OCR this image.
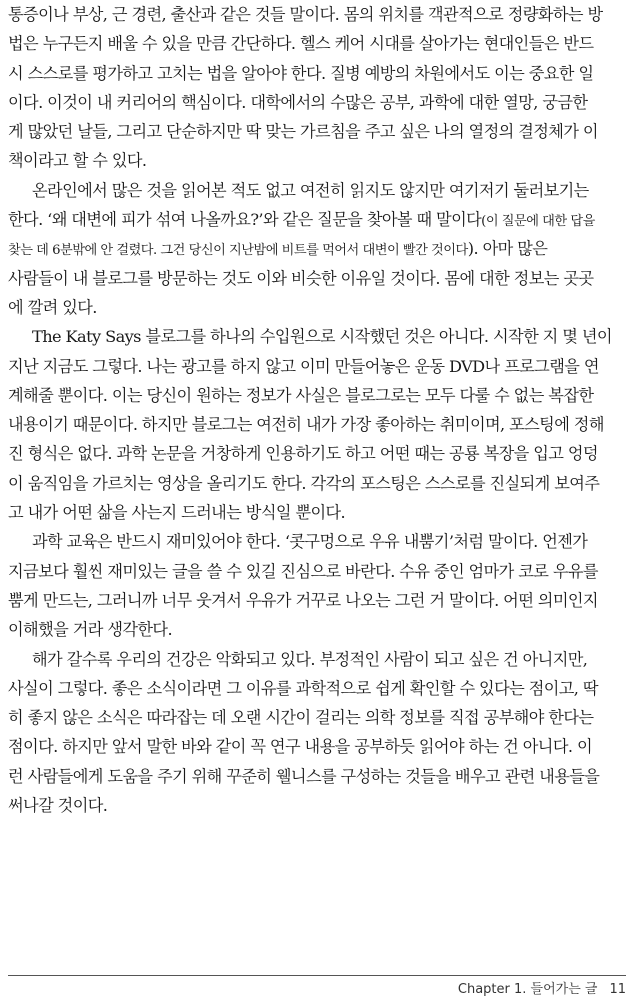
통증이나 부상, 근 경련, 출산과 같은 것들 말이다. 몸의 위치를 객관적으로 정량화하는 방
법은 누구든지 배울 수 있을 만큼 간단하다. 헬스 케어 시대를 살아가는 현대인들은 반드
시 스스로를 평가하고 고치는 법을 알아야 한다. 질병 예방의 차원에서도 이는 중요한 일
이다. 이것이 내 커리어의 핵심이다. 대학에서의 수많은 공부, 과학에 대한 열망, 궁금한
게 많았던 날들, 그리고 단순하지만 딱 맞는 가르침을 주고 싶은 나의 열정의 결정체가 이
책이라고 할 수 있다.
온라인에서 많은 것을 읽어본 적도 없고 여전히 읽지도 않지만 여기저기 둘러보기는
한다. ‘왜 대변에 피가 섞여 나올까요?’와 같은 질문을 찾아볼 때 말이다(이 질문에 대한 답을
찾는 데 6분밖에 안 걸렸다. 그건 당신이 지난밤에 비트를 먹어서 대변이 빨간 것이다). 아마 많은
사람들이 내 블로그를 방문하는 것도 이와 비슷한 이유일 것이다. 몸에 대한 정보는 곳곳
에 깔려 있다.
The Katy Says 블로그를 하나의 수입원으로 시작했던 것은 아니다. 시작한 지 몇 년이
지난 지금도 그렇다. 나는 광고를 하지 않고 이미 만들어놓은 운동 DVD나 프로그램을 연
계해줄 뿐이다. 이는 당신이 원하는 정보가 사실은 블로그로는 모두 다룰 수 없는 복잡한
내용이기 때문이다. 하지만 블로그는 여전히 내가 가장 좋아하는 취미이며, 포스팅에 정해
진 형식은 없다. 과학 논문을 거창하게 인용하기도 하고 어떤 때는 공룡 복장을 입고 엉덩
이 움직임을 가르치는 영상을 올리기도 한다. 각각의 포스팅은 스스로를 진실되게 보여주
고 내가 어떤 삶을 사는지 드러내는 방식일 뿐이다.
과학 교육은 반드시 재미있어야 한다. ‘콧구멍으로 우유 내뿜기’처럼 말이다. 언젠가
지금보다 훨씬 재미있는 글을 쓸 수 있길 진심으로 바란다. 수유 중인 엄마가 코로 우유를
뿜게 만드는, 그러니까 너무 웃겨서 우유가 거꾸로 나오는 그런 거 말이다. 어떤 의미인지
이해했을 거라 생각한다.
해가 갈수록 우리의 건강은 악화되고 있다. 부정적인 사람이 되고 싶은 건 아니지만,
사실이 그렇다. 좋은 소식이라면 그 이유를 과학적으로 쉽게 확인할 수 있다는 점이고, 딱
히 좋지 않은 소식은 따라잡는 데 오랜 시간이 걸리는 의학 정보를 직접 공부해야 한다는
점이다. 하지만 앞서 말한 바와 같이 꼭 연구 내용을 공부하듯 읽어야 하는 건 아니다. 이
런 사람들에게 도움을 주기 위해 꾸준히 웰니스를 구성하는 것들을 배우고 관련 내용들을
써나갈 것이다.
Chapter 1. 들어가는 글 11
